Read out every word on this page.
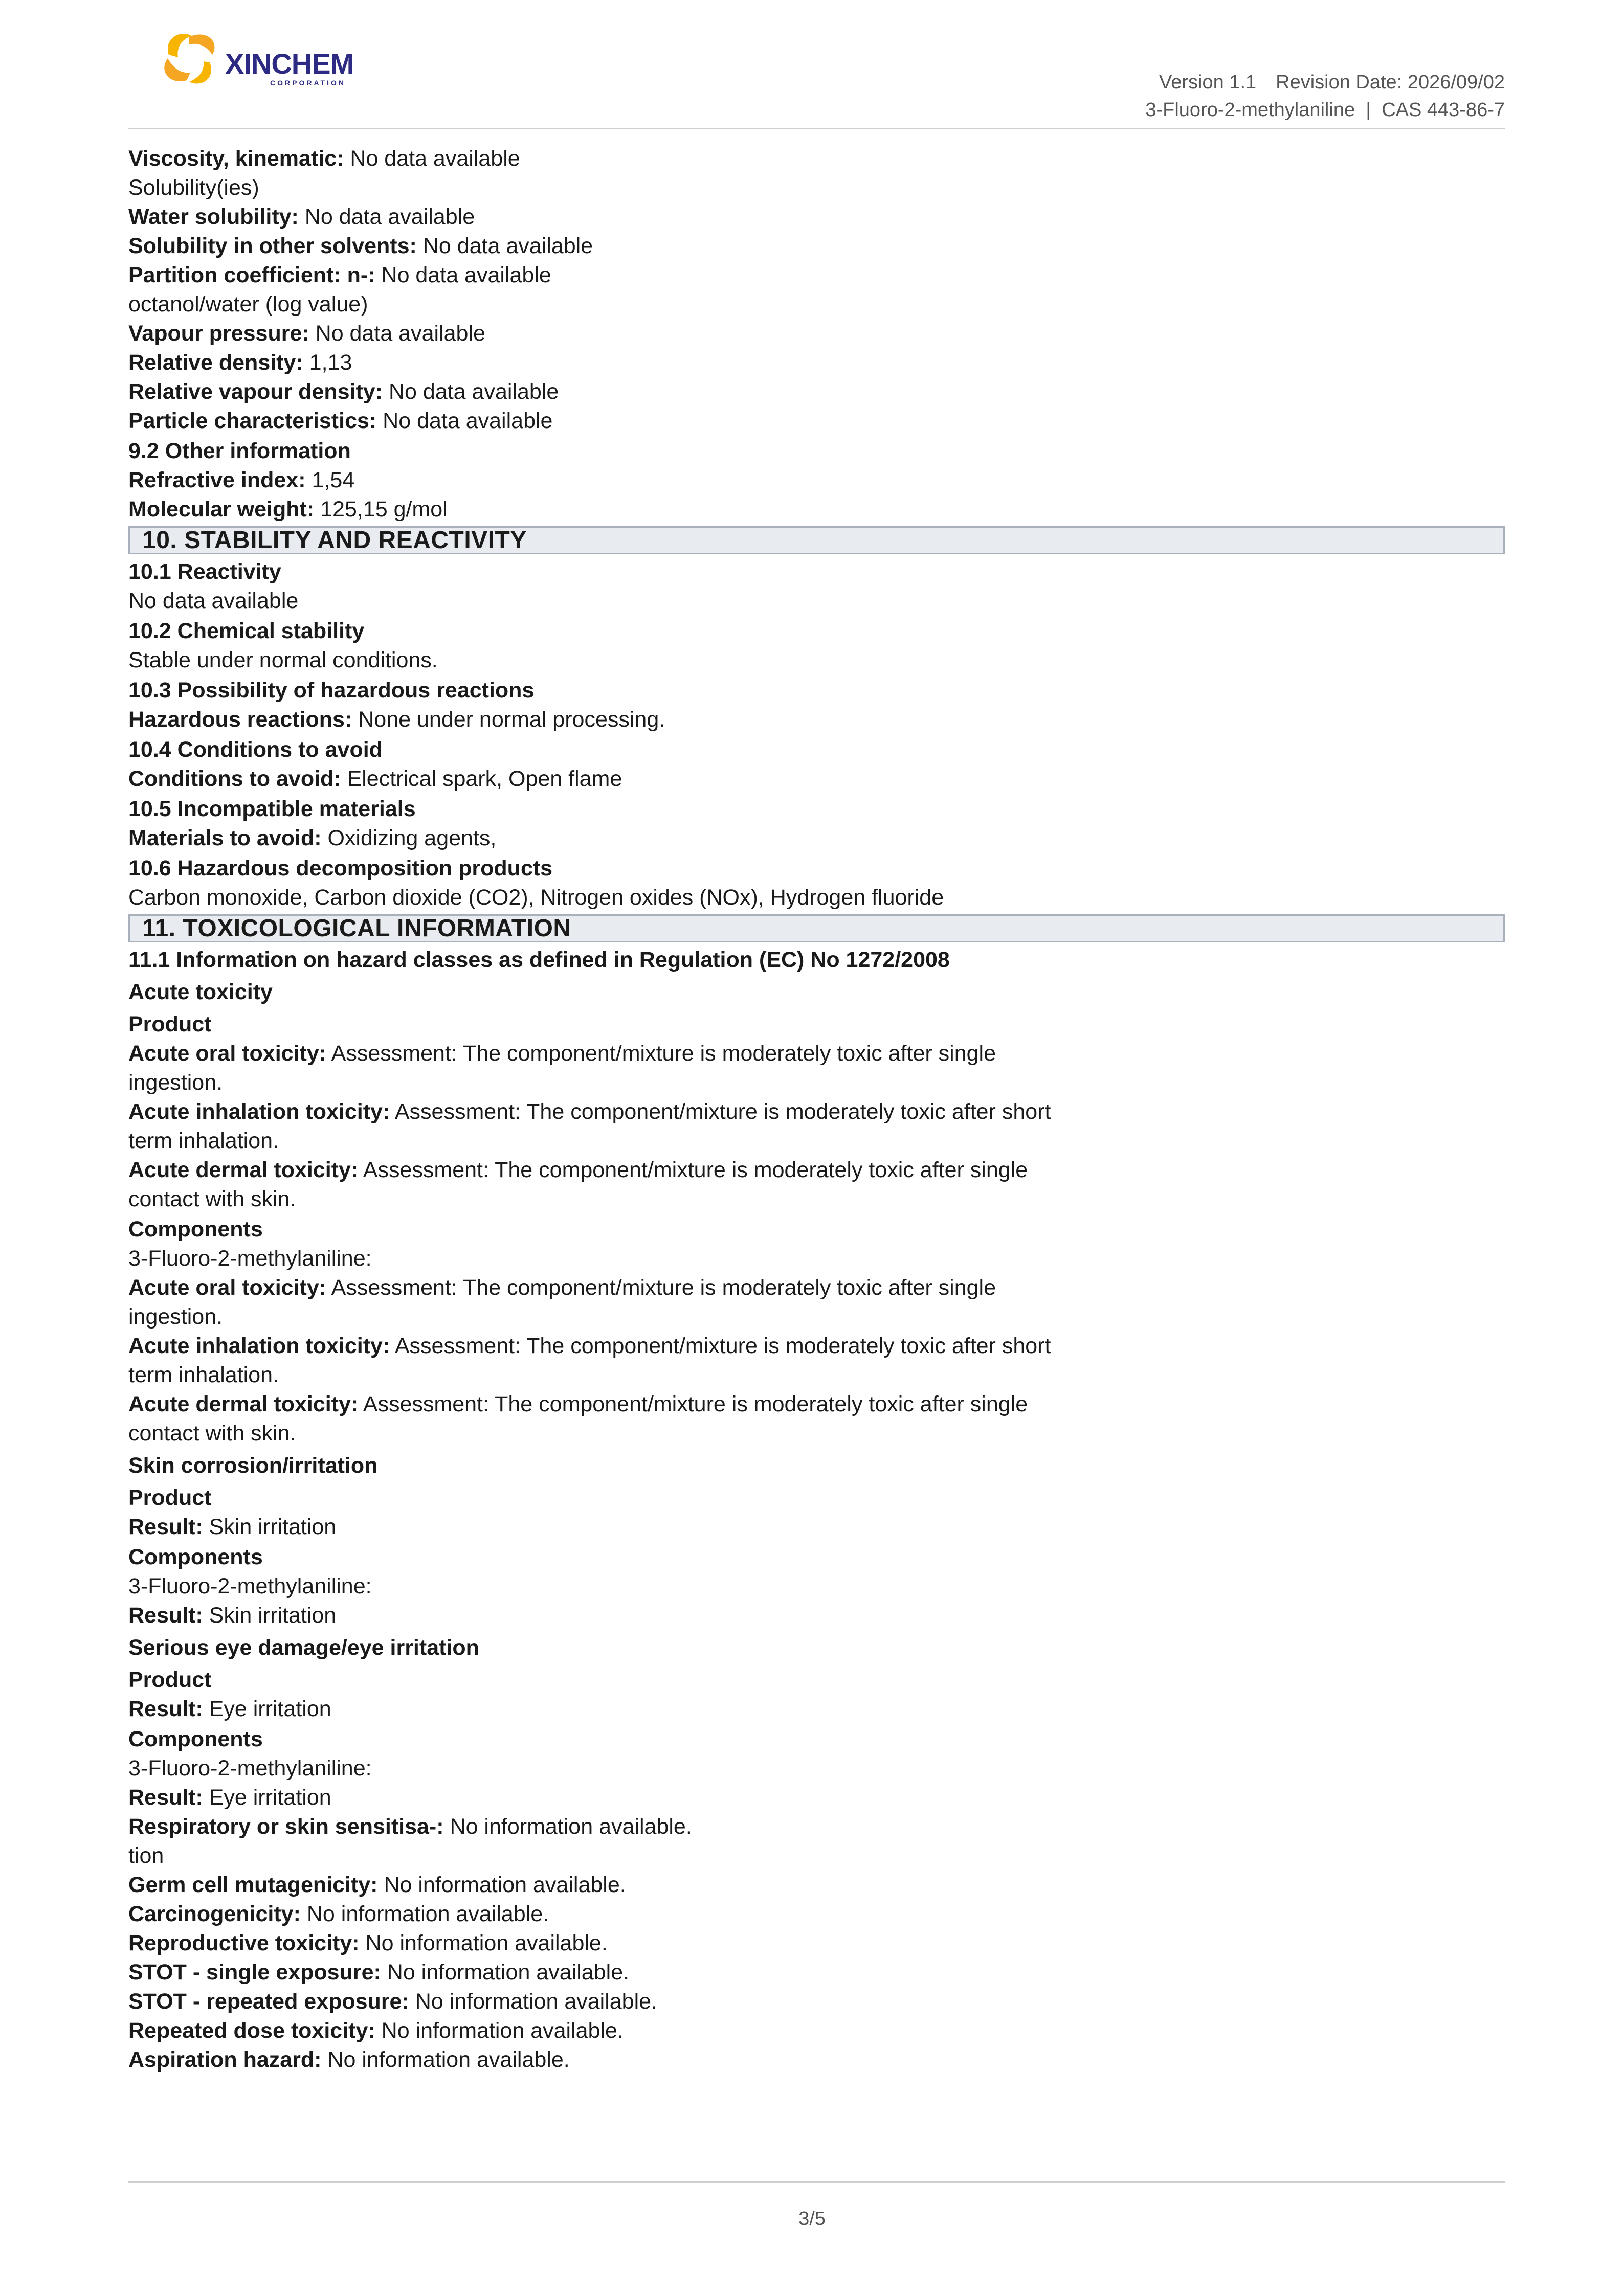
XINCHEM
CORPORATION	Version 1.1 Revision Date: 2026/09/02
3-Fluoro-2-methylaniline  |  CAS 443-86-7
Viscosity, kinematic: No data available
Solubility(ies)
Water solubility: No data available
Solubility in other solvents: No data available
Partition coefficient: n-: No data available
octanol/water (log value)
Vapour pressure: No data available
Relative density: 1,13
Relative vapour density: No data available
Particle characteristics: No data available
9.2 Other information
Refractive index: 1,54
Molecular weight: 125,15 g/mol
10. STABILITY AND REACTIVITY
10.1 Reactivity
No data available
10.2 Chemical stability
Stable under normal conditions.
10.3 Possibility of hazardous reactions
Hazardous reactions: None under normal processing.
10.4 Conditions to avoid
Conditions to avoid: Electrical spark, Open flame
10.5 Incompatible materials
Materials to avoid: Oxidizing agents,
10.6 Hazardous decomposition products
Carbon monoxide, Carbon dioxide (CO2), Nitrogen oxides (NOx), Hydrogen fluoride
11. TOXICOLOGICAL INFORMATION
11.1 Information on hazard classes as defined in Regulation (EC) No 1272/2008
Acute toxicity
Product
Acute oral toxicity: Assessment: The component/mixture is moderately toxic after single
ingestion.
Acute inhalation toxicity: Assessment: The component/mixture is moderately toxic after short
term inhalation.
Acute dermal toxicity: Assessment: The component/mixture is moderately toxic after single
contact with skin.
Components
3-Fluoro-2-methylaniline:
Acute oral toxicity: Assessment: The component/mixture is moderately toxic after single
ingestion.
Acute inhalation toxicity: Assessment: The component/mixture is moderately toxic after short
term inhalation.
Acute dermal toxicity: Assessment: The component/mixture is moderately toxic after single
contact with skin.
Skin corrosion/irritation
Product
Result: Skin irritation
Components
3-Fluoro-2-methylaniline:
Result: Skin irritation
Serious eye damage/eye irritation
Product
Result: Eye irritation
Components
3-Fluoro-2-methylaniline:
Result: Eye irritation
Respiratory or skin sensitisa-: No information available.
tion
Germ cell mutagenicity: No information available.
Carcinogenicity: No information available.
Reproductive toxicity: No information available.
STOT - single exposure: No information available.
STOT - repeated exposure: No information available.
Repeated dose toxicity: No information available.
Aspiration hazard: No information available.
3/5
